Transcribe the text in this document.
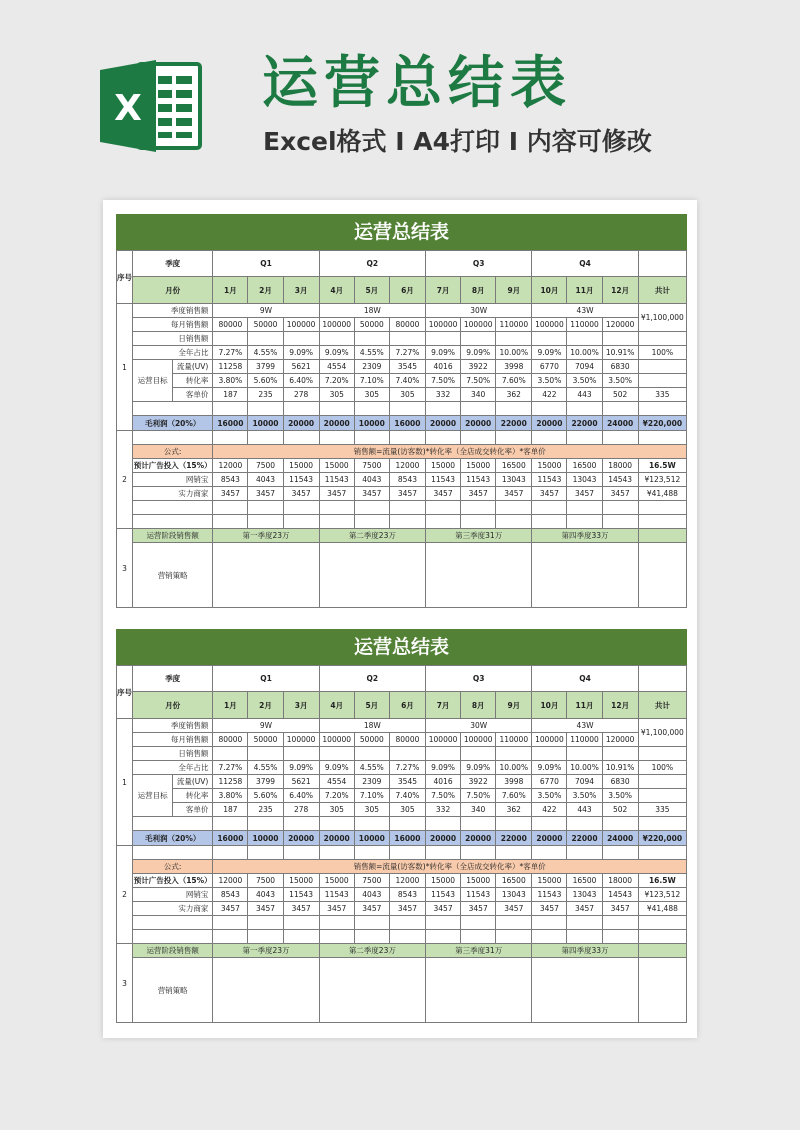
X 运营总结表
Excel格式 I A4打印 I 内容可修改
运营总结表
序号	季度		Q1			Q2			Q3			Q4			
	月份		1月	2月	3月	4月	5月	6月	7月	8月	9月	10月	11月	12月	共计
1	季度销售额		9W			18W			30W			43W			¥1,100,000
	每月销售额		80000	50000	100000	100000	50000	80000	100000	100000	110000	100000	110000	120000	
	日销售额														
	全年占比		7.27%	4.55%	9.09%	9.09%	4.55%	7.27%	9.09%	9.09%	10.00%	9.09%	10.00%	10.91%	100%
	运营目标	流量(UV)	11258	3799	5621	4554	2309	3545	4016	3922	3998	6770	7094	6830	
		转化率	3.80%	5.60%	6.40%	7.20%	7.10%	7.40%	7.50%	7.50%	7.60%	3.50%	3.50%	3.50%	
		客单价	187	235	278	305	305	305	332	340	362	422	443	502	335

	毛利润（20%）		16000	10000	20000	20000	10000	16000	20000	20000	22000	20000	22000	24000	¥220,000
2															
	公式:		销售额=流量(访客数)*转化率（全店成交转化率）*客单价												
	预计广告投入（15%）		12000	7500	15000	15000	7500	12000	15000	15000	16500	15000	16500	18000	16.5W
	网销宝		8543	4043	11543	11543	4043	8543	11543	11543	13043	11543	13043	14543	¥123,512
	实力商家		3457	3457	3457	3457	3457	3457	3457	3457	3457	3457	3457	3457	¥41,488

3	运营阶段销售额		第一季度23万			第二季度23万			第三季度31万			第四季度33万			
	营销策略														
运营总结表
序号	季度		Q1			Q2			Q3			Q4			
	月份		1月	2月	3月	4月	5月	6月	7月	8月	9月	10月	11月	12月	共计
1	季度销售额		9W			18W			30W			43W			¥1,100,000
	每月销售额		80000	50000	100000	100000	50000	80000	100000	100000	110000	100000	110000	120000	
	日销售额														
	全年占比		7.27%	4.55%	9.09%	9.09%	4.55%	7.27%	9.09%	9.09%	10.00%	9.09%	10.00%	10.91%	100%
	运营目标	流量(UV)	11258	3799	5621	4554	2309	3545	4016	3922	3998	6770	7094	6830	
		转化率	3.80%	5.60%	6.40%	7.20%	7.10%	7.40%	7.50%	7.50%	7.60%	3.50%	3.50%	3.50%	
		客单价	187	235	278	305	305	305	332	340	362	422	443	502	335

	毛利润（20%）		16000	10000	20000	20000	10000	16000	20000	20000	22000	20000	22000	24000	¥220,000
2															
	公式:		销售额=流量(访客数)*转化率（全店成交转化率）*客单价												
	预计广告投入（15%）		12000	7500	15000	15000	7500	12000	15000	15000	16500	15000	16500	18000	16.5W
	网销宝		8543	4043	11543	11543	4043	8543	11543	11543	13043	11543	13043	14543	¥123,512
	实力商家		3457	3457	3457	3457	3457	3457	3457	3457	3457	3457	3457	3457	¥41,488

3	运营阶段销售额		第一季度23万			第二季度23万			第三季度31万			第四季度33万			
	营销策略														
